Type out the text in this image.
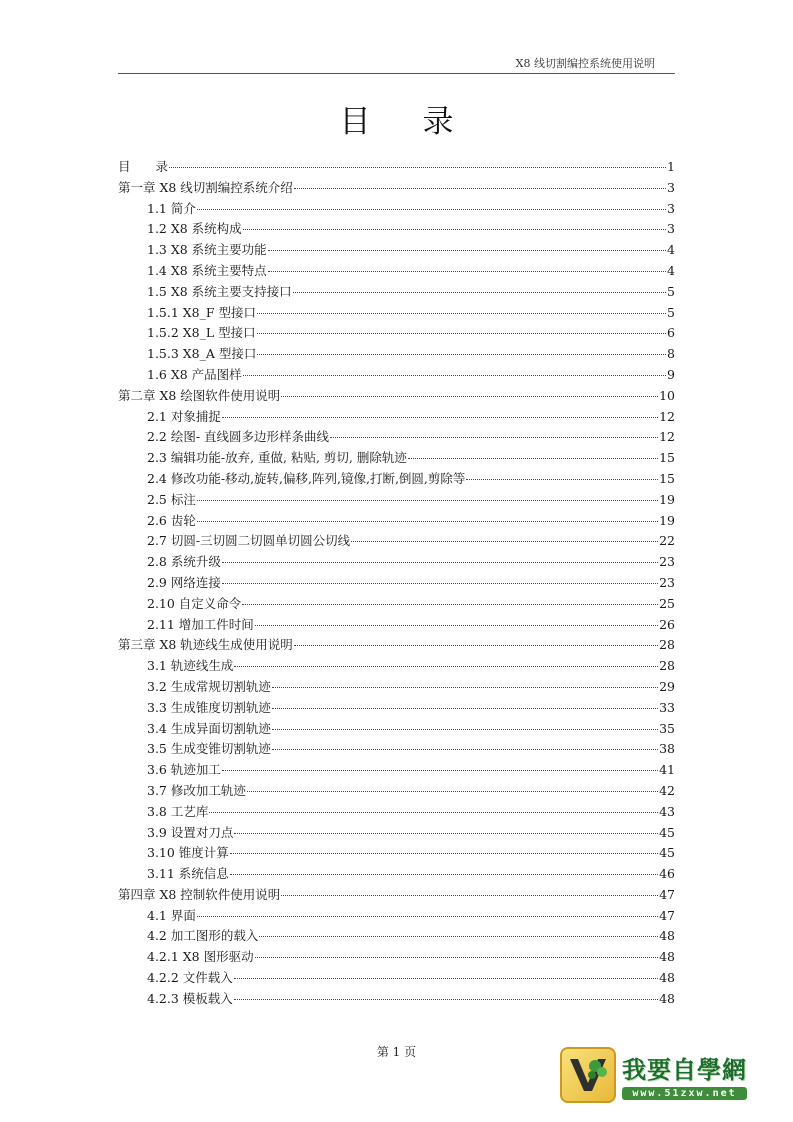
X8 线切割编控系统使用说明
目录
目　　录	1
第一章 X8 线切割编控系统介绍	3
1.1 简介	3
1.2 X8 系统构成	3
1.3 X8 系统主要功能	4
1.4 X8 系统主要特点	4
1.5 X8 系统主要支持接口	5
1.5.1 X8_F 型接口	5
1.5.2 X8_L 型接口	6
1.5.3 X8_A 型接口	8
1.6 X8 产品图样	9
第二章 X8 绘图软件使用说明	10
2.1 对象捕捉	12
2.2 绘图- 直线圆多边形样条曲线	12
2.3 编辑功能-放弃, 重做, 粘贴, 剪切, 删除轨迹	15
2.4 修改功能-移动,旋转,偏移,阵列,镜像,打断,倒圆,剪除等	15
2.5 标注	19
2.6 齿轮	19
2.7 切圆-三切圆二切圆单切圆公切线	22
2.8 系统升级	23
2.9 网络连接	23
2.10 自定义命令	25
2.11 增加工件时间	26
第三章 X8 轨迹线生成使用说明	28
3.1 轨迹线生成	28
3.2 生成常规切割轨迹	29
3.3 生成锥度切割轨迹	33
3.4 生成异面切割轨迹	35
3.5 生成变锥切割轨迹	38
3.6 轨迹加工	41
3.7 修改加工轨迹	42
3.8 工艺库	43
3.9 设置对刀点	45
3.10 锥度计算	45
3.11 系统信息	46
第四章 X8 控制软件使用说明	47
4.1 界面	47
4.2 加工图形的载入	48
4.2.1 X8 图形驱动	48
4.2.2 文件载入	48
4.2.3 模板载入	48
第 1 页
我要自學網
www.51zxw.net
